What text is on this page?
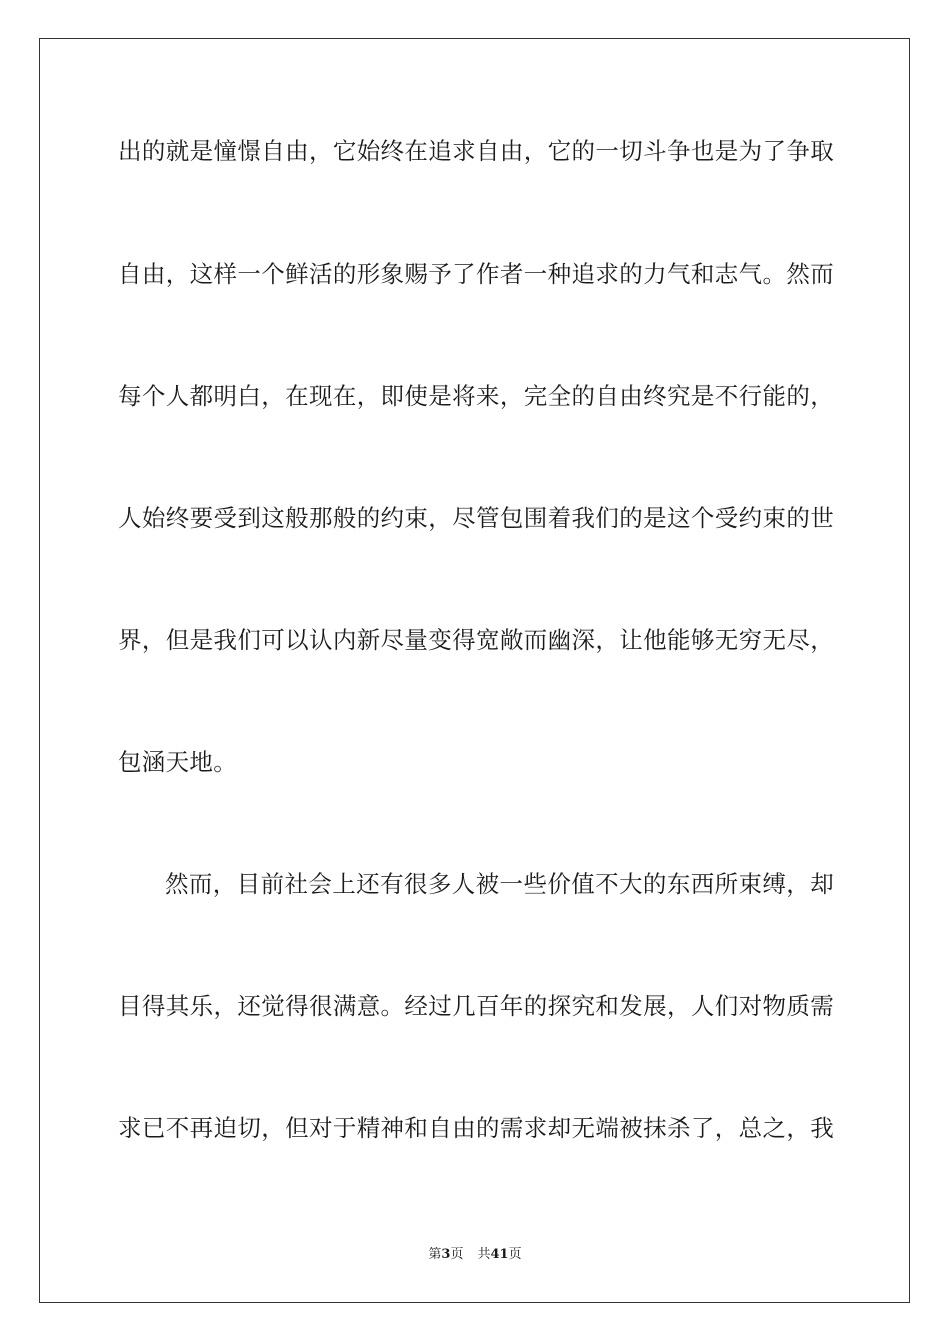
出的就是憧憬自由，它始终在追求自由，它的一切斗争也是为了争取
自由，这样一个鲜活的形象赐予了作者一种追求的力气和志气。然而
每个人都明白，在现在，即使是将来，完全的自由终究是不行能的，
人始终要受到这般那般的约束，尽管包围着我们的是这个受约束的世
界，但是我们可以认内新尽量变得宽敞而幽深，让他能够无穷无尽，
包涵天地。
然而，目前社会上还有很多人被一些价值不大的东西所束缚，却
目得其乐，还觉得很满意。经过几百年的探究和发展，人们对物质需
求已不再迫切，但对于精神和自由的需求却无端被抹杀了，总之，我
第3页 共41页
